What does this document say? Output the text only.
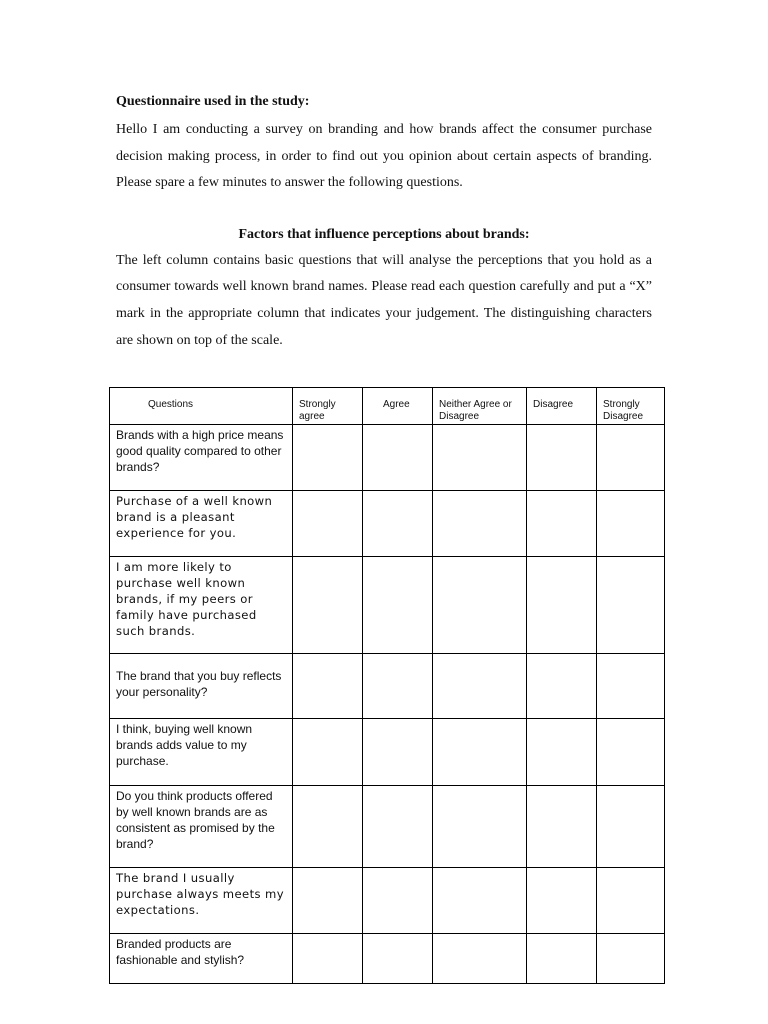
Questionnaire used in the study:

Hello I am conducting a survey on branding and how brands affect the consumer purchase decision making process, in order to find out you opinion about certain aspects of branding. Please spare a few minutes to answer the following questions.

Factors that influence perceptions about brands:

The left column contains basic questions that will analyse the perceptions that you hold as a consumer towards well known brand names. Please read each question carefully and put a “X” mark in the appropriate column that indicates your judgement. The distinguishing characters are shown on top of the scale.

Questions	Strongly agree	Agree	Neither Agree or Disagree	Disagree	Strongly Disagree
Brands with a high price means good quality compared to other brands?					
Purchase of a well known brand is a pleasant experience for you.					
I am more likely to purchase well known brands, if my peers or family have purchased such brands.					
The brand that you buy reflects your personality?					
I think, buying well known brands adds value to my purchase.					
Do you think products offered by well known brands are as consistent as promised by the brand?					
The brand I usually purchase always meets my expectations.					
Branded products are fashionable and stylish?					
